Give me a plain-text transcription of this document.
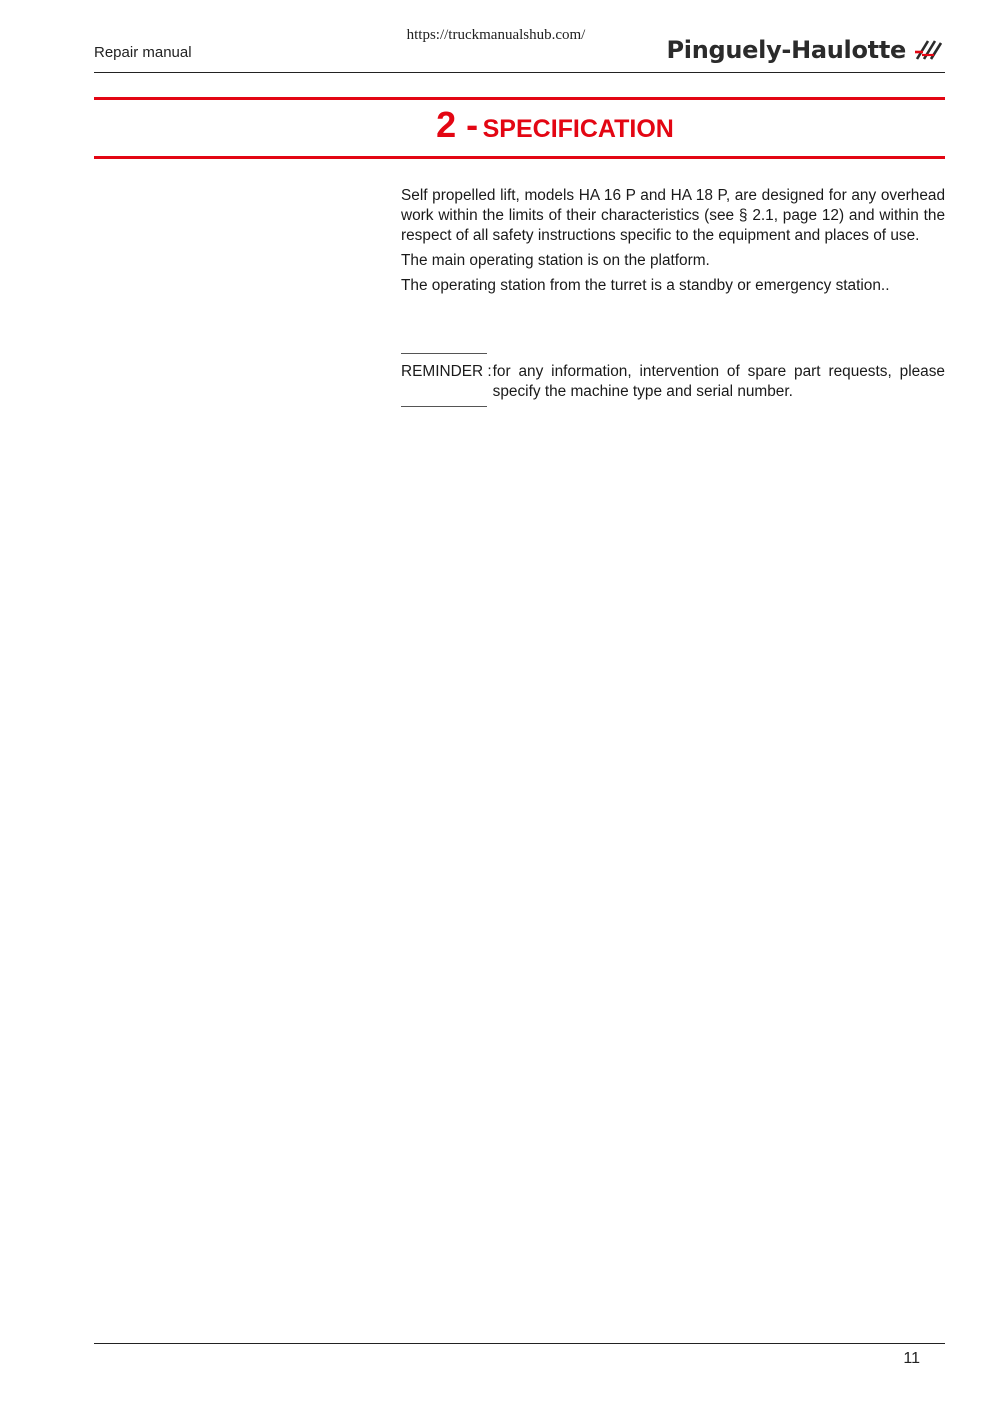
https://truckmanualshub.com/
Repair manual	Pinguely-Haulotte
2 - SPECIFICATION

Self propelled lift, models HA 16 P and HA 18 P, are designed for any overhead work within the limits of their characteristics (see § 2.1, page 12) and within the respect of all safety instructions specific to the equipment and places of use.

The main operating station is on the platform.

The operating station from the turret is a standby or emergency station..

REMINDER : for any information, intervention of spare part requests, please specify the machine type and serial number.
11
